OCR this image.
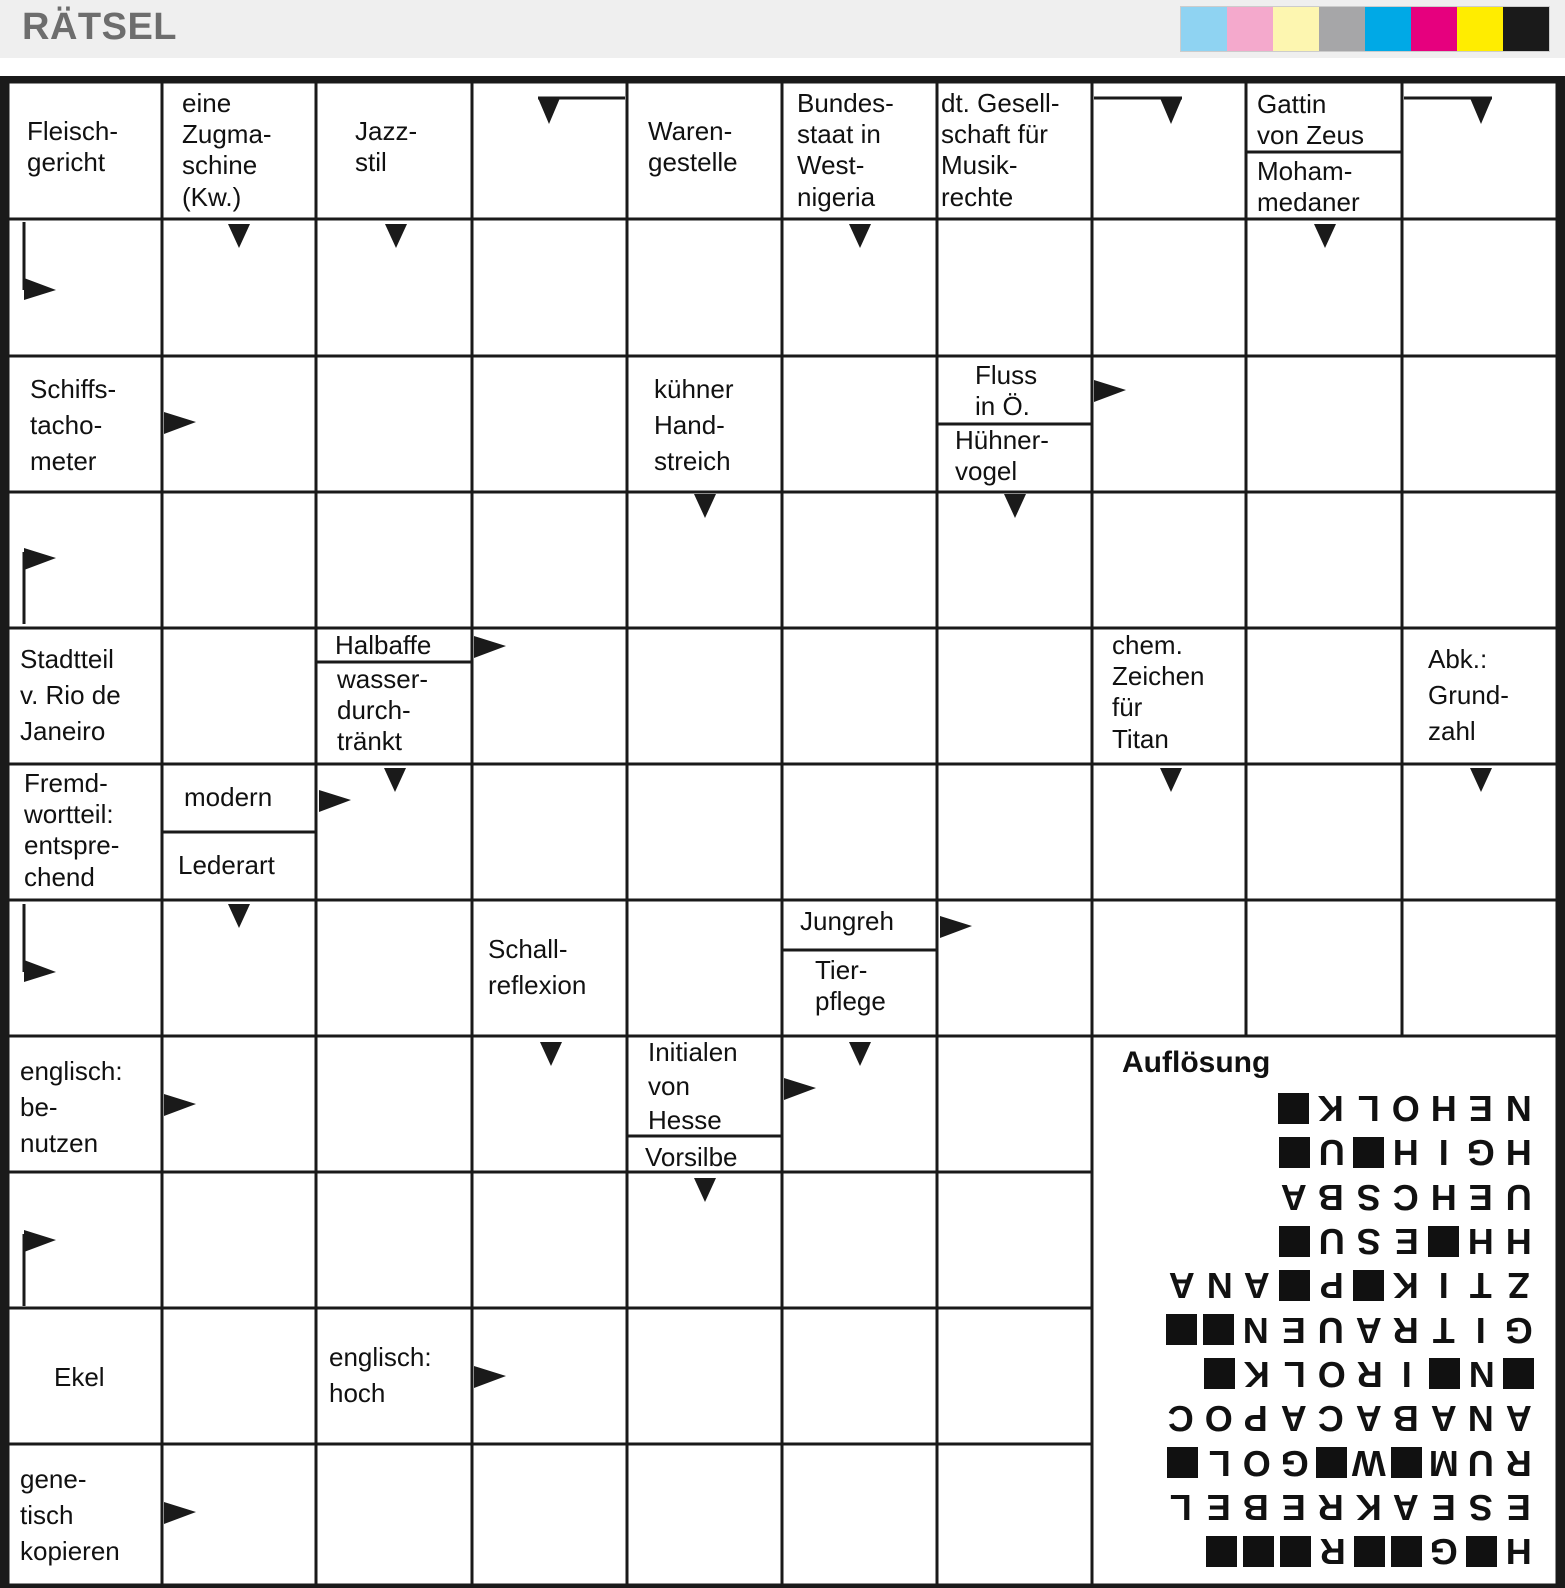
RÄTSEL
Fleisch-
gericht
eine
Zugma-
schine
(Kw.)
Jazz-
stil
Waren-
gestelle
Bundes-
staat in
West-
nigeria
dt. Gesell-
schaft für
Musik-
rechte
Gattin
von Zeus
Moham-
medaner
Schiffs-
tacho-
meter
kühner
Hand-
streich
Fluss
in Ö.
Hühner-
vogel
Stadtteil
v. Rio de
Janeiro
Halbaffe
wasser-
durch-
tränkt
chem.
Zeichen
für
Titan
Abk.:
Grund-
zahl
Fremd-
wortteil:
entspre-
chend
modern
Lederart
Jungreh
Tier-
pflege
Schall-
reflexion
englisch:
be-
nutzen
Initialen
von
Hesse
Vorsilbe
Ekel
englisch:
hoch
gene-
tisch
kopieren
Auflösung
K L O H E N
U H I G H
A B S C H E U
U S E H H
A N A P K I T Z
N E U A R T I G
K L O R I	N
C O P A C A B A N A
L O G W M U R
L E B E R K A E S E
R G H
